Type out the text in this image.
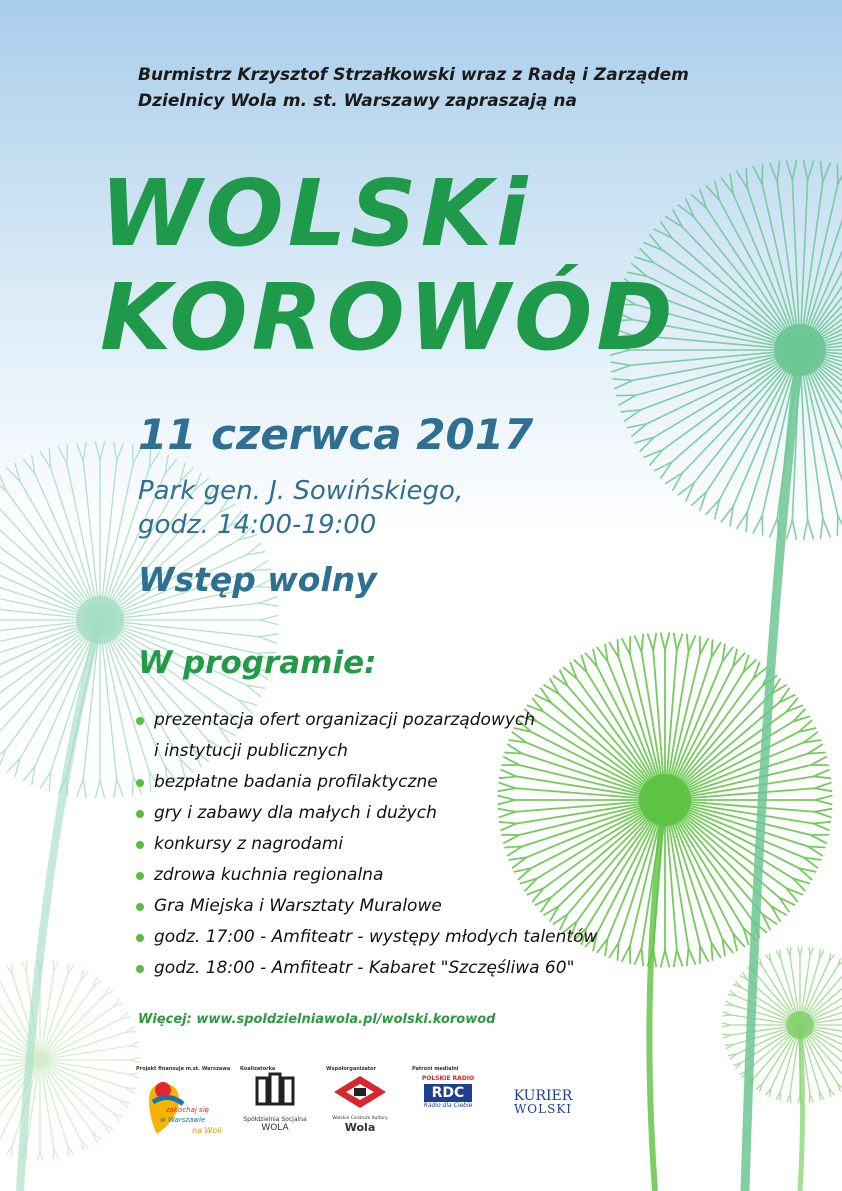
Burmistrz Krzysztof Strzałkowski wraz z Radą i Zarządem
Dzielnicy Wola m. st. Warszawy zapraszają na
WOLSKi
KOROWÓD
11 czerwca 2017
Park gen. J. Sowińskiego,
godz. 14:00-19:00
Wstęp wolny
W programie:
prezentacja ofert organizacji pozarządowych
i instytucji publicznych
bezpłatne badania profilaktyczne
gry i zabawy dla małych i dużych
konkursy z nagrodami
zdrowa kuchnia regionalna
Gra Miejska i Warsztaty Muralowe
godz. 17:00 - Amfiteatr - występy młodych talentów
godz. 18:00 - Amfiteatr - Kabaret "Szczęśliwa 60"
Więcej: www.spoldzielniawola.pl/wolski.korowod
Projekt finansuje m.st. Warszawa
zakochaj się
w Warszawie
na Woli
Koalizatorka
Spółdzielnia Socjalna
WOLA
Współorganizator
Wolskie Centrum Kultury
Wola
Patroni medialni
POLSKIE RADIO
RDC
Radio dla Ciebie
KURIER
WOLSKI
